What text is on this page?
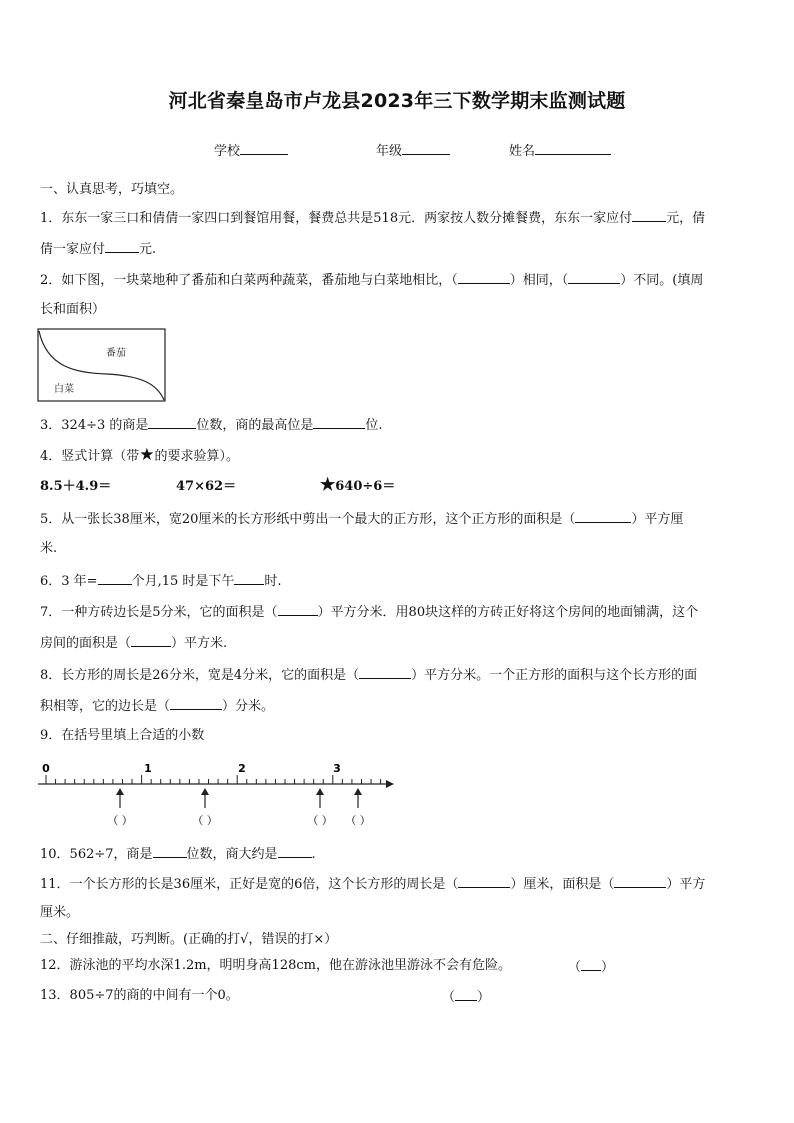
河北省秦皇岛市卢龙县2023年三下数学期末监测试题
学校	年级	姓名
一、认真思考，巧填空。
1．东东一家三口和倩倩一家四口到餐馆用餐，餐费总共是518元．两家按人数分摊餐费，东东一家应付	元，倩
倩一家应付	元.
2．如下图，一块菜地种了番茄和白菜两种蔬菜，番茄地与白菜地相比，（	）相同，（	）不同。(填周
长和面积）
番茄
白菜
3．324÷3 的商是	位数，商的最高位是	位.
4．竖式计算（带★的要求验算）。
8.5＋4.9＝	47×62＝	★640÷6＝
5．从一张长38厘米，宽20厘米的长方形纸中剪出一个最大的正方形，这个正方形的面积是（	）平方厘
米.
6．3 年=	个月,15 时是下午 时.
7．一种方砖边长是5分米，它的面积是（	）平方分米．用80块这样的方砖正好将这个房间的地面铺满，这个
房间的面积是（	）平方米.
8．长方形的周长是26分米，宽是4分米，它的面积是（	）平方分米。一个正方形的面积与这个长方形的面
积相等，它的边长是（	）分米。
9．在括号里填上合适的小数
0	1	2	3
（ ）	（ ）	（ ） （ ）
10．562÷7，商是	位数，商大约是	.
11．一个长方形的长是36厘米，正好是宽的6倍，这个长方形的周长是（	）厘米，面积是（	）平方
厘米。
二、仔细推敲，巧判断。(正确的打√，错误的打×）
12．游泳池的平均水深1.2m，明明身高128cm，他在游泳池里游泳不会有危险。	（ ）
13．805÷7的商的中间有一个0。	（ ）
